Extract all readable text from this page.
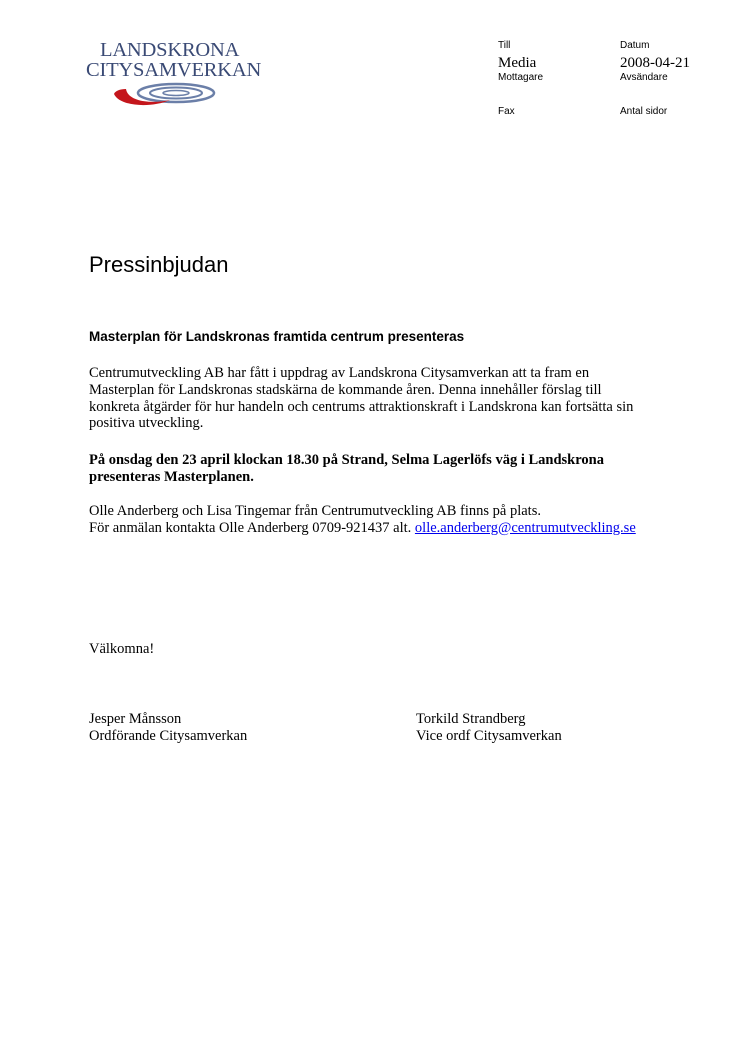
LANDSKRONA
CITYSAMVERKAN
Till
Media
Mottagare
Fax
Datum
2008-04-21
Avsändare
Antal sidor
Pressinbjudan
Masterplan för Landskronas framtida centrum presenteras
Centrumutveckling AB har fått i uppdrag av Landskrona Citysamverkan att ta fram en
Masterplan för Landskronas stadskärna de kommande åren. Denna innehåller förslag till
konkreta åtgärder för hur handeln och centrums attraktionskraft i Landskrona kan fortsätta sin
positiva utveckling.
På onsdag den 23 april klockan 18.30 på Strand, Selma Lagerlöfs väg i Landskrona
presenteras Masterplanen.
Olle Anderberg och Lisa Tingemar från Centrumutveckling AB finns på plats.
För anmälan kontakta Olle Anderberg 0709-921437 alt. olle.anderberg@centrumutveckling.se
Välkomna!
Jesper Månsson
Ordförande Citysamverkan
Torkild Strandberg
Vice ordf Citysamverkan
